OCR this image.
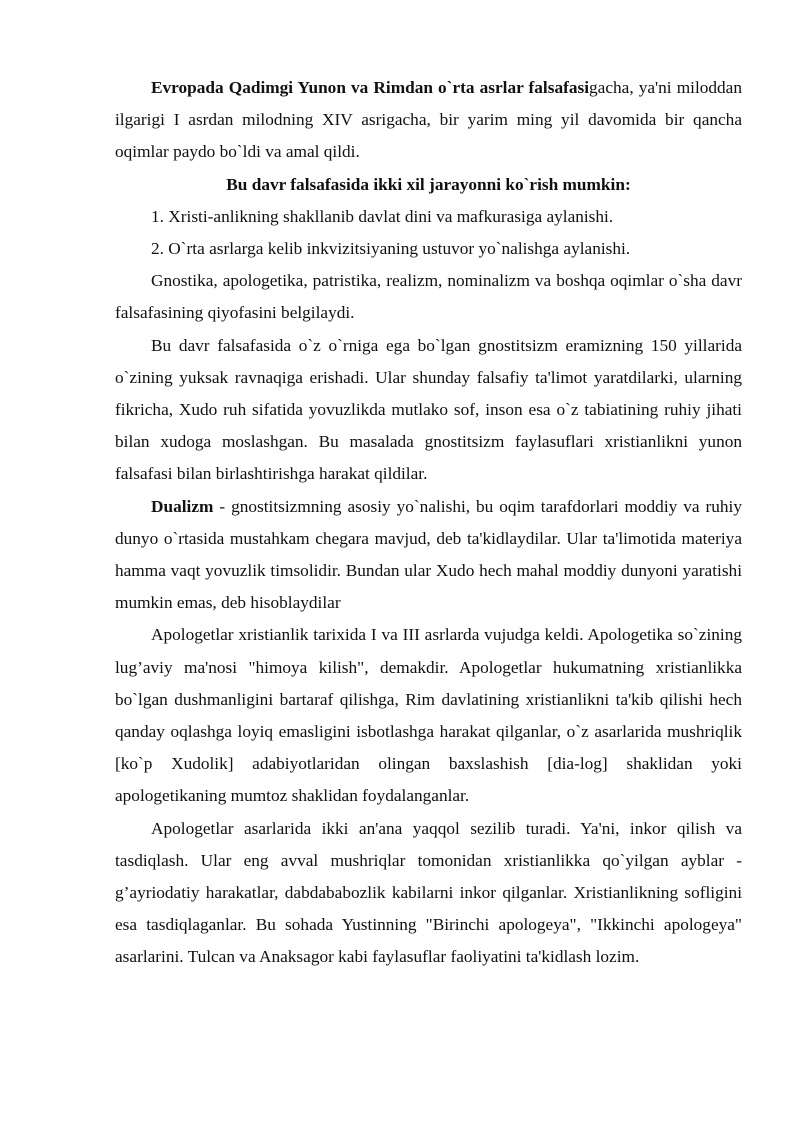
Evropada Qadimgi Yunon va Rimdan o`rta asrlar falsafasigacha, ya'ni miloddan ilgarigi I asrdan milodning XIV asrigacha, bir yarim ming yil davomida bir qancha oqimlar paydo bo`ldi va amal qildi.

Bu davr falsafasida ikki xil jarayonni ko`rish mumkin:

1. Xristi-anlikning shakllanib davlat dini va mafkurasiga aylanishi.

2. O`rta asrlarga kelib inkvizitsiyaning ustuvor yo`nalishga aylanishi.

Gnostika, apologetika, patristika, realizm, nominalizm va boshqa oqimlar o`sha davr falsafasining qiyofasini belgilaydi.

Bu davr falsafasida o`z o`rniga ega bo`lgan gnostitsizm eramizning 150 yillarida o`zining yuksak ravnaqiga erishadi. Ular shunday falsafiy ta'limot yaratdilarki, ularning fikricha, Xudo ruh sifatida yovuzlikda mutlako sof, inson esa o`z tabiatining ruhiy jihati bilan xudoga moslashgan. Bu masalada gnostitsizm faylasuflari xristianlikni yunon falsafasi bilan birlashtirishga harakat qildilar.

Dualizm - gnostitsizmning asosiy yo`nalishi, bu oqim tarafdorlari moddiy va ruhiy dunyo o`rtasida mustahkam chegara mavjud, deb ta'kidlaydilar. Ular ta'limotida materiya hamma vaqt yovuzlik timsolidir. Bundan ular Xudo hech mahal moddiy dunyoni yaratishi mumkin emas, deb hisoblaydilar

Apologetlar xristianlik tarixida I va III asrlarda vujudga keldi. Apologetika so`zining lug’aviy ma'nosi "himoya kilish", demakdir. Apologetlar hukumatning xristianlikka bo`lgan dushmanligini bartaraf qilishga, Rim davlatining xristianlikni ta'kib qilishi hech qanday oqlashga loyiq emasligini isbotlashga harakat qilganlar, o`z asarlarida mushriqlik [ko`p Xudolik] adabiyotlaridan olingan baxslashish [dia-log] shaklidan yoki apologetikaning mumtoz shaklidan foydalanganlar.

Apologetlar asarlarida ikki an'ana yaqqol sezilib turadi. Ya'ni, inkor qilish va tasdiqlash. Ular eng avval mushriqlar tomonidan xristianlikka qo`yilgan ayblar - g’ayriodatiy harakatlar, dabdababozlik kabilarni inkor qilganlar. Xristianlikning sofligini esa tasdiqlaganlar. Bu sohada Yustinning "Birinchi apologeya", "Ikkinchi apologeya" asarlarini. Tulcan va Anaksagor kabi faylasuflar faoliyatini ta'kidlash lozim.
